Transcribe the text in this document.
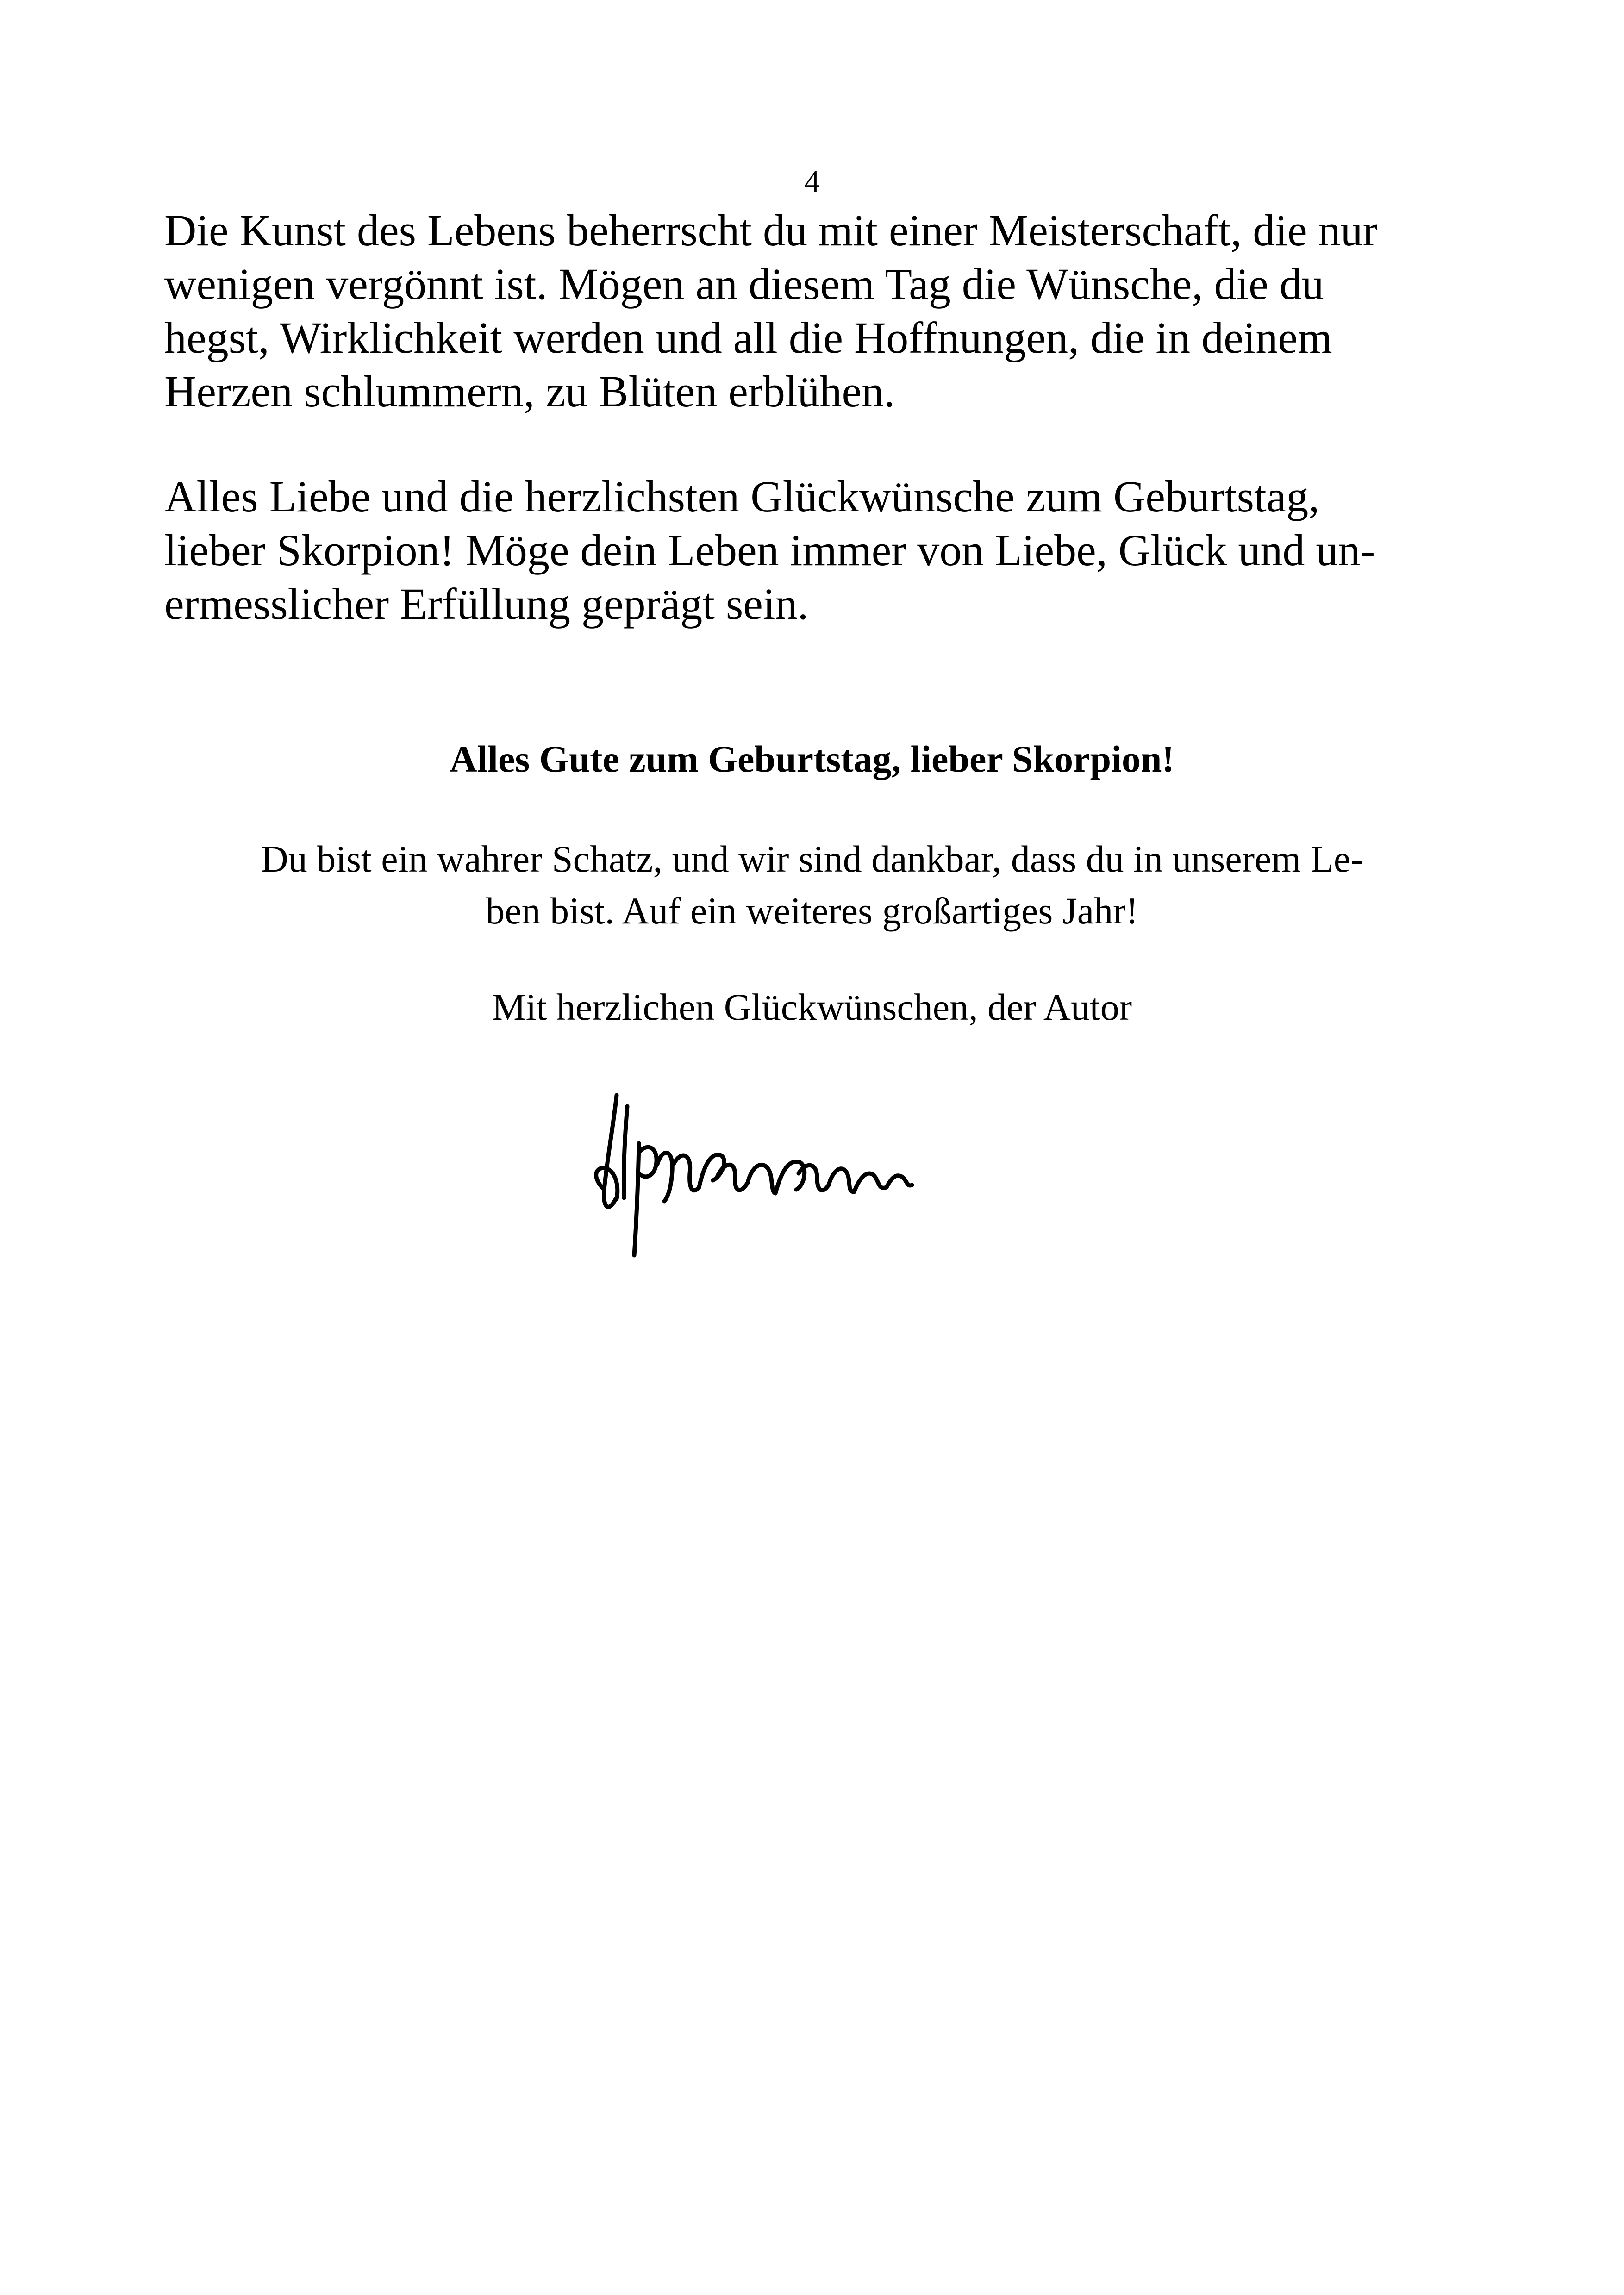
4

Die Kunst des Lebens beherrscht du mit einer Meisterschaft, die nur
wenigen vergönnt ist. Mögen an diesem Tag die Wünsche, die du
hegst, Wirklichkeit werden und all die Hoffnungen, die in deinem
Herzen schlummern, zu Blüten erblühen.

Alles Liebe und die herzlichsten Glückwünsche zum Geburtstag,
lieber Skorpion! Möge dein Leben immer von Liebe, Glück und un-
ermesslicher Erfüllung geprägt sein.

Alles Gute zum Geburtstag, lieber Skorpion!

Du bist ein wahrer Schatz, und wir sind dankbar, dass du in unserem Le-
ben bist. Auf ein weiteres großartiges Jahr!

Mit herzlichen Glückwünschen, der Autor
